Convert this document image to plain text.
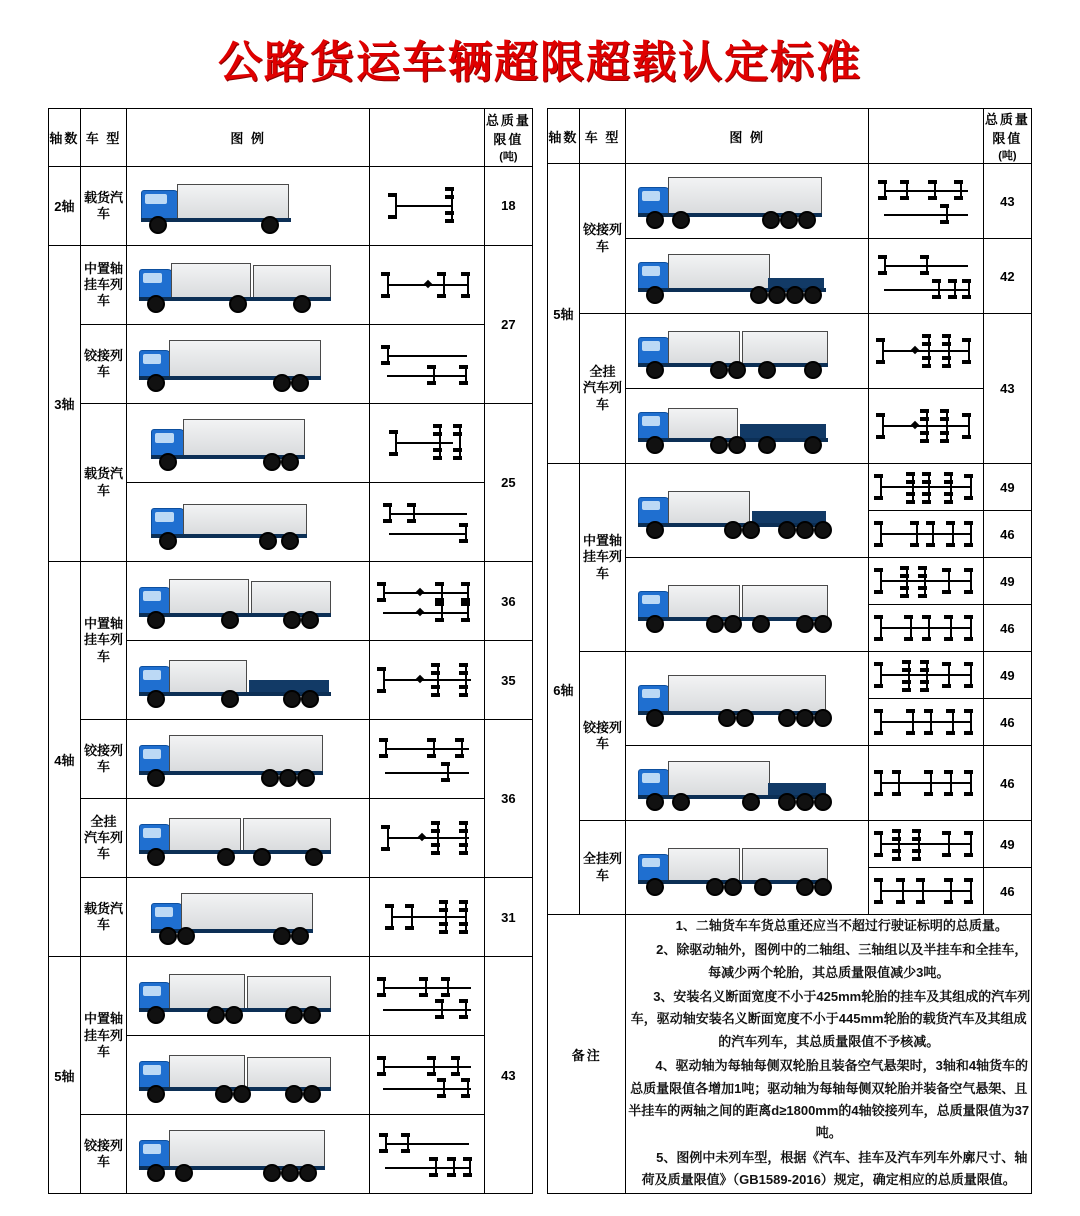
公路货运车辆超限超载认定标准
轴数	车 型	图 例		总质量限值
(吨)

2轴	载货汽车			18
3轴	中置轴
挂车列车			27
	铰接列车		

	载货汽车			25

4轴	中置轴
挂车列车			36

			35
	铰接列车			36
	全挂
汽车列车		

	载货汽车			31
5轴	中置轴
挂车列车			43

	铰接列车		

轴数	车 型	图 例		总质量限值
(吨)

5轴	铰接列车			43

			42
	全挂
汽车列车			43

6轴	中置轴
挂车列车			49

				46

			49

				46
	铰接列车			49

				46

			46
	全挂列车			49

				46
备注		1、二轴货车车货总重还应当不超过行驶证标明的总质量。

2、除驱动轴外，图例中的二轴组、三轴组以及半挂车和全挂车，每减少两个轮胎，其总质量限值减少3吨。

3、安装名义断面宽度不小于425mm轮胎的挂车及其组成的汽车列车，驱动轴安装名义断面宽度不小于445mm轮胎的载货汽车及其组成的汽车列车，其总质量限值不予核减。

4、驱动轴为每轴每侧双轮胎且装备空气悬架时，3轴和4轴货车的总质量限值各增加1吨；驱动轴为每轴每侧双轮胎并装备空气悬架、且半挂车的两轴之间的距离d≥1800mm的4轴铰接列车，总质量限值为37吨。

5、图例中未列车型，根据《汽车、挂车及汽车列车外廓尺寸、轴荷及质量限值》（GB1589-2016）规定，确定相应的总质量限值。		
